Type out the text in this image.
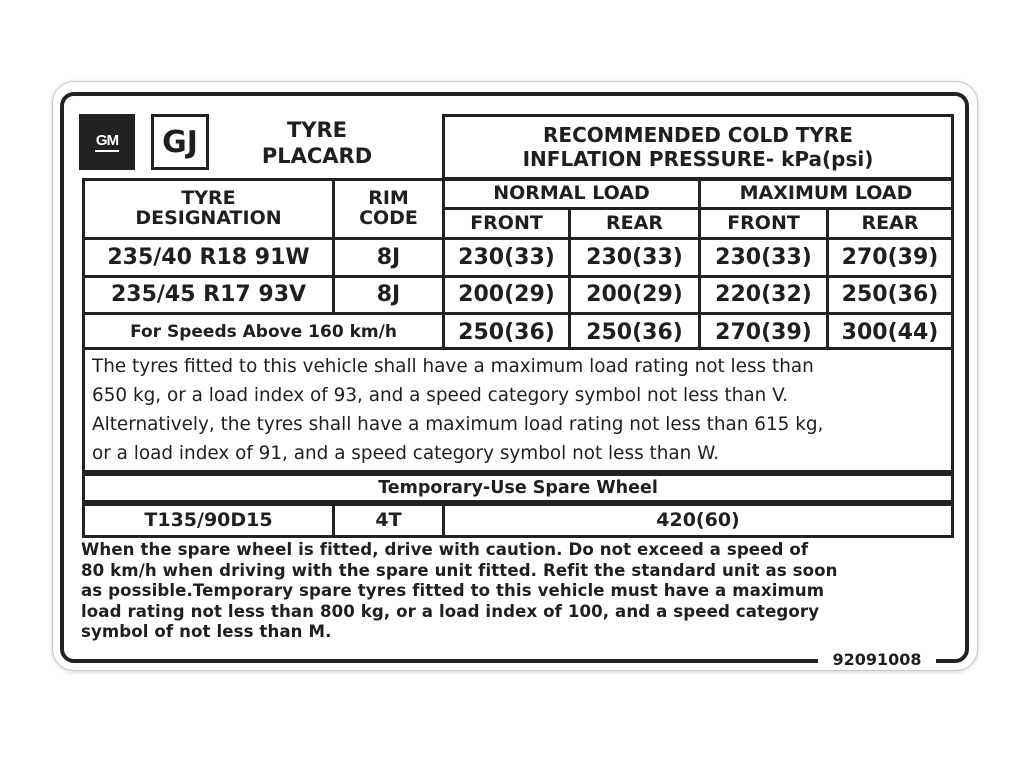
GM	GJ	TYRE
PLACARD
RECOMMENDED COLD TYRE
INFLATION PRESSURE- kPa(psi)
TYRE
DESIGNATION
RIM
CODE
NORMAL LOAD	MAXIMUM LOAD
FRONT	REAR	FRONT	REAR
235/40 R18 91W	8J	230(33)	230(33)	230(33)	270(39)
235/45 R17 93V	8J	200(29)	200(29)	220(32)	250(36)
For Speeds Above 160 km/h	250(36)	250(36)	270(39)	300(44)
The tyres fitted to this vehicle shall have a maximum load rating not less than
650 kg, or a load index of 93, and a speed category symbol not less than V.
Alternatively, the tyres shall have a maximum load rating not less than 615 kg,
or a load index of 91, and a speed category symbol not less than W.
Temporary-Use Spare Wheel
T135/90D15	4T	420(60)
When the spare wheel is fitted, drive with caution. Do not exceed a speed of
80 km/h when driving with the spare unit fitted. Refit the standard unit as soon
as possible.Temporary spare tyres fitted to this vehicle must have a maximum
load rating not less than 800 kg, or a load index of 100, and a speed category
symbol of not less than M.
92091008
